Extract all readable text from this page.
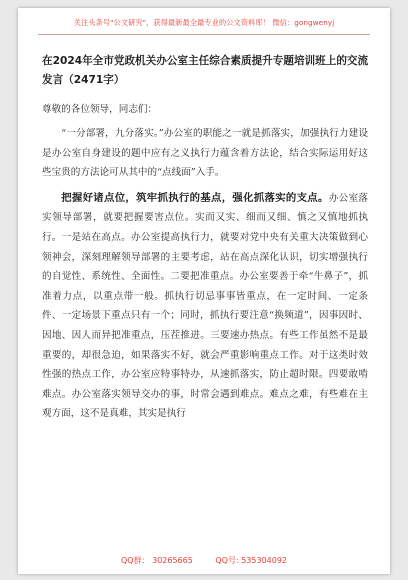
关注头条号"公文研究"，获得最新最全最专业的公文资料库！ 微信：gongwenyj
在2024年全市党政机关办公室主任综合素质提升专题培训班上的交流发言（2471字）
尊敬的各位领导，同志们：

“一分部署，九分落实。”办公室的职能之一就是抓落实，加强执行力建设是办公室自身建设的题中应有之义执行力蕴含着方法论，结合实际运用好这些宝贵的方法论可从其中的“点线面”入手。

把握好诸点位，筑牢抓执行的基点，强化抓落实的支点。办公室落实领导部署，就要把握要害点位。实而又实、细而又细、慎之又慎地抓执行。一是站在高点。办公室提高执行力，就要对党中央有关重大决策做到心领神会，深刻理解领导部署的主要考虑，站在高点深化认识，切实增强执行的自觉性、系统性、全面性。二要把准重点。办公室要善于牵“牛鼻子”，抓准着力点，以重点带一般。抓执行切忌事事皆重点，在一定时间、一定条件、一定场景下重点只有一个；同时，抓执行要注意“换频道”，因事因时、因地、因人而异把准重点，压茬推进。三要速办热点。有些工作虽然不是最重要的，却很急迫，如果落实不好，就会严重影响重点工作。对于这类时效性强的热点工作，办公室应特事特办，从速抓落实，防止超时限。四要敢啃难点。办公室落实领导交办的事，时常会遇到难点。难点之难，有些难在主观方面，这不是真难，其实是执行

QQ群： 30265665	QQ号: 535304092
